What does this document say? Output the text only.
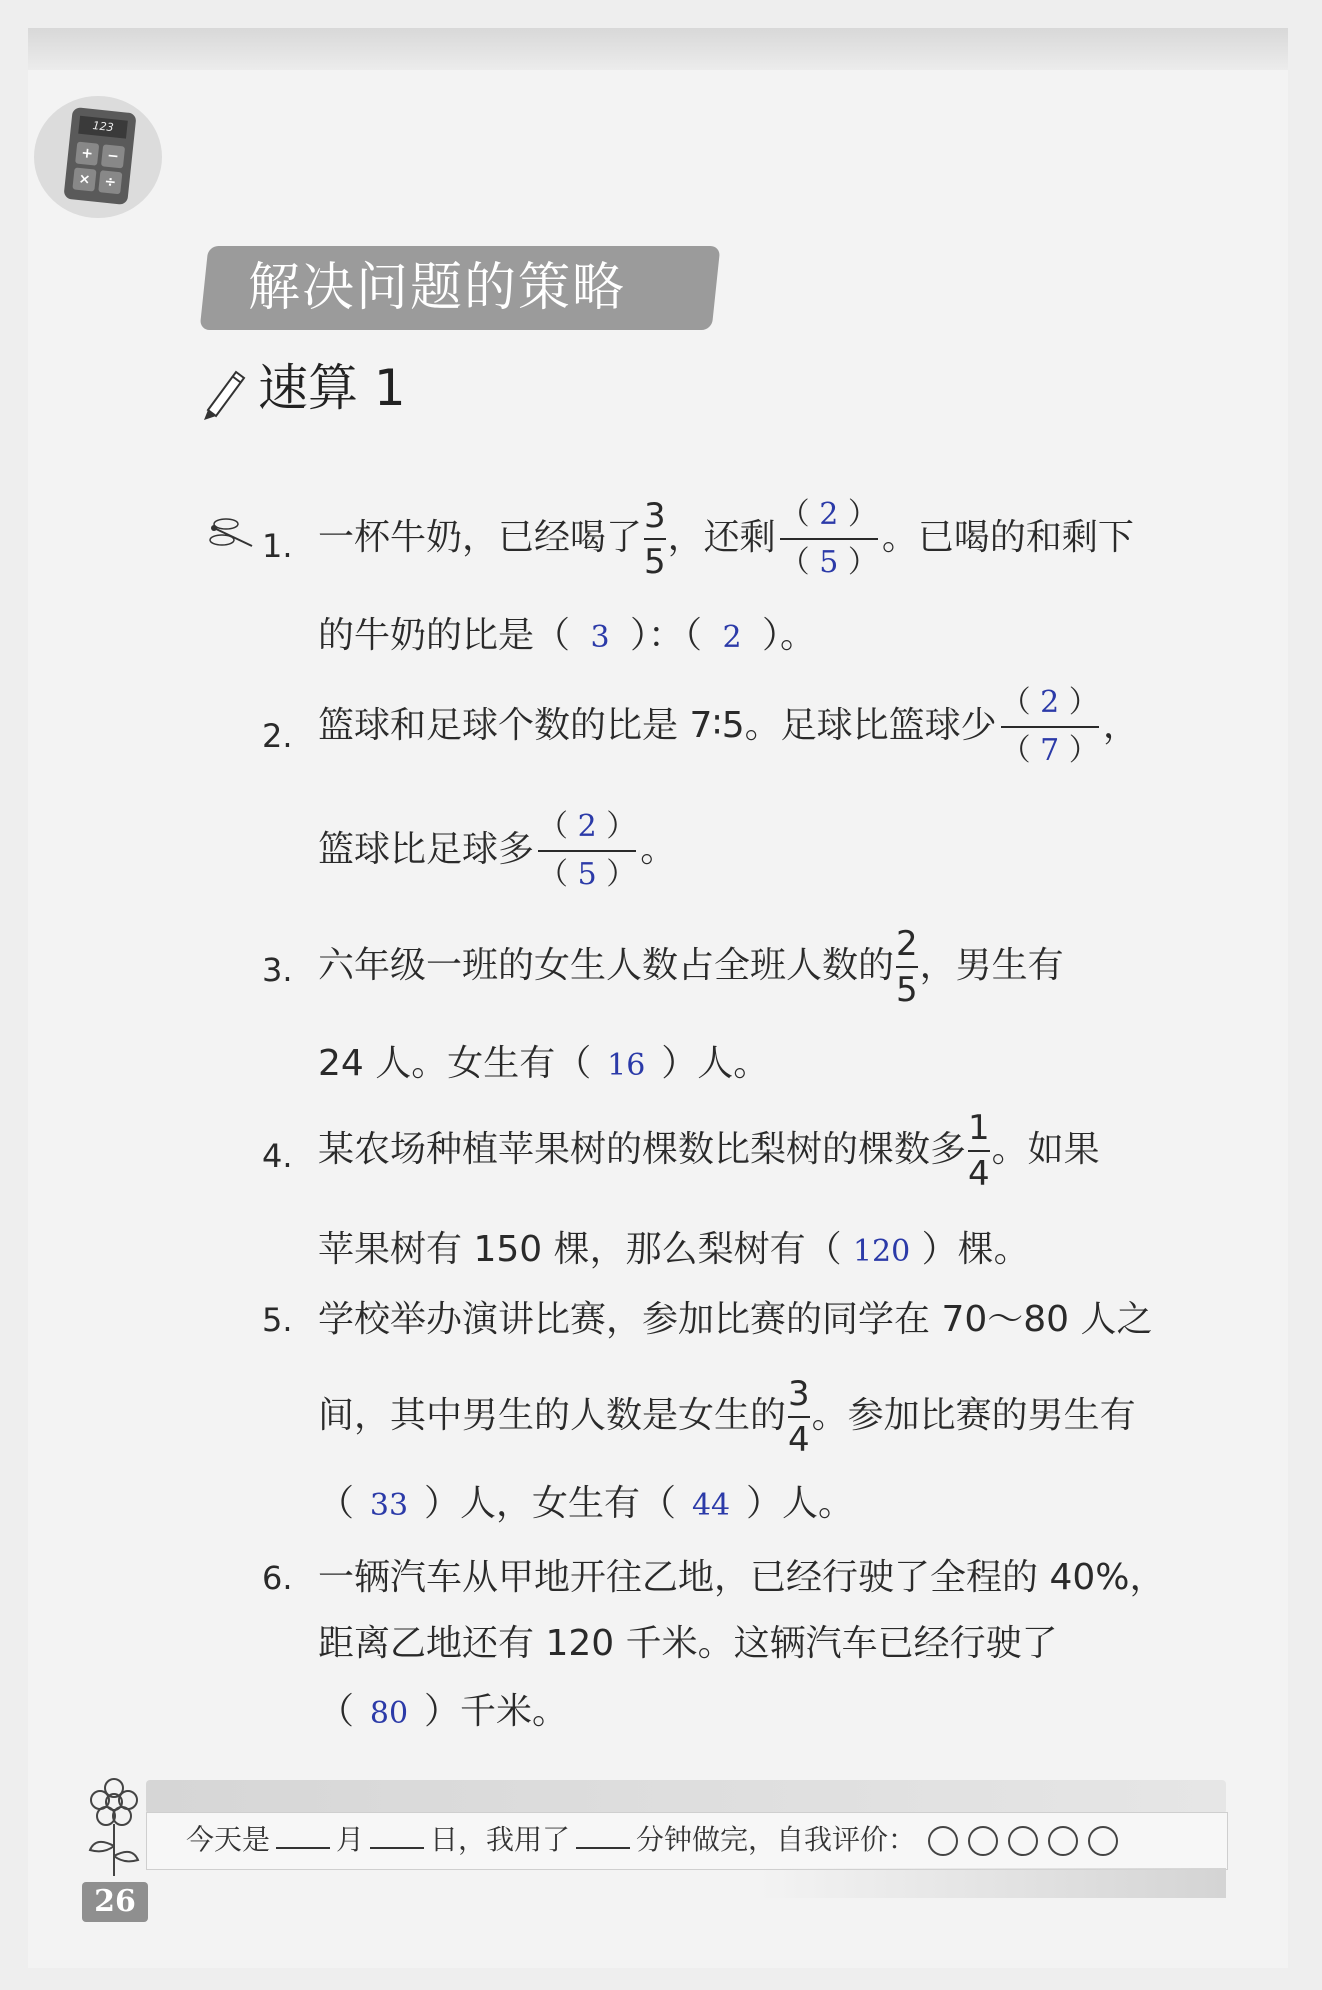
123
+ −
× ÷
解决问题的策略
速算 1
1. 一杯牛奶，已经喝了 $\frac{3}{5}$ ，还剩 $\frac{( 2 )}{( 5 )}$ 。已喝的和剩下
的牛奶的比是（ 3 ）：（ 2 ）。
2. 篮球和足球个数的比是 7∶5。足球比篮球少 $\frac{( 2 )}{( 7 )}$ ，
篮球比足球多 $\frac{( 2 )}{( 5 )}$ 。
3. 六年级一班的女生人数占全班人数的 $\frac{2}{5}$ ，男生有
24 人。女生有（ 16 ）人。
4. 某农场种植苹果树的棵数比梨树的棵数多 $\frac{1}{4}$ 。如果
苹果树有 150 棵，那么梨树有（ 120 ）棵。
5. 学校举办演讲比赛，参加比赛的同学在 70～80 人之
间，其中男生的人数是女生的 $\frac{3}{4}$ 。参加比赛的男生有
（ 33 ）人，女生有（ 44 ）人。
6. 一辆汽车从甲地开往乙地，已经行驶了全程的 40%，
距离乙地还有 120 千米。这辆汽车已经行驶了
（ 80 ）千米。
今天是 月 日，我用了 分钟做完，自我评价：
26
